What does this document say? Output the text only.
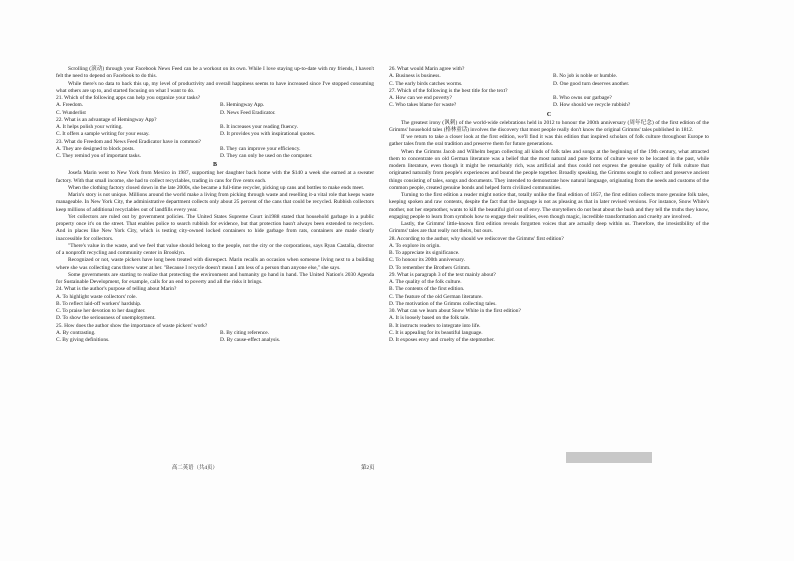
Scrolling (滚动) through your Facebook News Feed can be a workout on its own. While I love staying up-to-date with my friends, I haven't felt the need to depend on Facebook to do this.

While there's no data to back this up, my level of productivity and overall happiness seems to have increased since I've stopped consuming what others are up to, and started focusing on what I want to do.

21. Which of the following apps can help you organize your tasks?
A. Freedom.	B. Hemingway App.
C. Wunderlist	D. News Feed Eradicator.
22. What is an advantage of Hemingway App?
A. It helps polish your writing.	B. It increases your reading fluency.
C. It offers a sample writing for your essay.	D. It provides you with inspirational quotes.
23. What do Freedom and News Feed Eradicator have in common?
A. They are designed to block posts.	B. They can improve your efficiency.
C. They remind you of important tasks.	D. They can only be used on the computer.
B

Josefa Marin went to New York from Mexico in 1987, supporting her daughter back home with the $140 a week she earned at a sweater factory. With that small income, she had to collect recyclables, trading in cans for five cents each.

When the clothing factory closed down in the late 2000s, she became a full-time recycler, picking up cans and bottles to make ends meet.

Marin's story is not unique. Millions around the world make a living from picking through waste and reselling it-a vital role that keeps waste manageable. In New York City, the administrative department collects only about 25 percent of the cans that could be recycled. Rubbish collectors keep millions of additional recyclables out of landfills every year.

Yet collectors are ruled out by government policies. The United States Supreme Court in1988 stated that household garbage in a public property once it's on the street. That enables police to search rubbish for evidence, but that protection hasn't always been extended to recyclers. And in places like New York City, which is testing city-owned locked containers to hide garbage from rats, containers are made clearly inaccessible for collectors.

"There's value in the waste, and we feel that value should belong to the people, not the city or the corporations, says Ryan Castalia, director of a nonprofit recycling and community center in Brooklyn.

Recognized or not, waste pickers have long been treated with disrespect. Marin recalls an occasion when someone living next to a building where she was collecting cans threw water at her. "Because I recycle doesn't mean I am less of a person than anyone else," she says.

Some governments are starting to realize that protecting the environment and humanity go hand in hand. The United Nation's 2030 Agenda for Sustainable Development, for example, calls for an end to poverty and all the risks it brings.

24. What is the author's purpose of telling about Marin?
A. To highlight waste collectors' role.
B. To reflect laid-off workers' hardship.
C. To praise her devotion to her daughter.
D. To show the seriousness of unemployment.
25. How does the author show the importance of waste pickers' work?
A. By contrasting.	B. By citing reference.
C. By giving definitions.	D. By cause-effect analysis.
高二英语（共4页）
26. What would Marin agree with?
A. Business is business.	B. No job is noble or humble.
C. The early birds catches worms.	D. One good turn deserves another.
27. Which of the following is the best title for the text?
A. How can we end poverty?	B. Who owns our garbage?
C. Who takes blame for waste?	D. How should we recycle rubbish?
C

The greatest irony (讽刺) of the world-wide celebrations held in 2012 to honour the 200th anniversary (周年纪念) of the first edition of the Grimms' household tales (格林童话) involves the discovery that most people really don't know the original Grimms' tales published in 1812.

If we return to take a closer look at the first edition, we'll find it was this edition that inspired scholars of folk culture throughout Europe to gather tales from the oral tradition and preserve them for future generations.

When the Grimms Jacob and Wilhelm began collecting all kinds of folk tales and songs at the beginning of the 19th century, what attracted them to concentrate on old German literature was a belief that the most natural and pure forms of culture were to be located in the past, while modern literature, even though it might be remarkably rich, was artificial and thus could not express the genuine quality of folk culture that originated naturally from people's experiences and bound the people together. Broadly speaking, the Grimms sought to collect and preserve ancient things consisting of tales, songs and documents. They intended to demonstrate how natural language, originating from the needs and customs of the common people, created genuine bonds and helped form civilized communities.

Turning to the first edition a reader might notice that, totally unlike the final edition of 1857, the first edition collects more genuine folk tales, keeping spoken and raw contents, despite the fact that the language is not as pleasing as that in later revised versions. For instance, Snow White's mother, not her stepmother, wants to kill the beautiful girl out of envy. The storytellers do not beat about the bush and they tell the truths they know, engaging people to learn from symbols how to engage their realities, even though magic, incredible transformation and cruelty are involved.

Lastly, the Grimms' little-known first edition reveals forgotten voices that are actually deep within us. Therefore, the irresistibility of the Grimms' tales are that really not theirs, but ours.

28. According to the author, why should we rediscover the Grimms' first edition?
A. To explore its origin.
B. To appreciate its significance.
C. To honour its 200th anniversary.
D. To remember the Brothers Grimm.
29. What is paragraph 3 of the text mainly about?
A. The quality of the folk culture.
B. The contents of the first edition.
C. The feature of the old German literature.
D. The motivation of the Grimms collecting tales.
30. What can we learn about Snow White in the first edition?
A. It is loosely based on the folk tale.
B. It instructs readers to integrate into life.
C. It is appealing for its beautiful language.
D. It exposes envy and cruelty of the stepmother.
第2页
